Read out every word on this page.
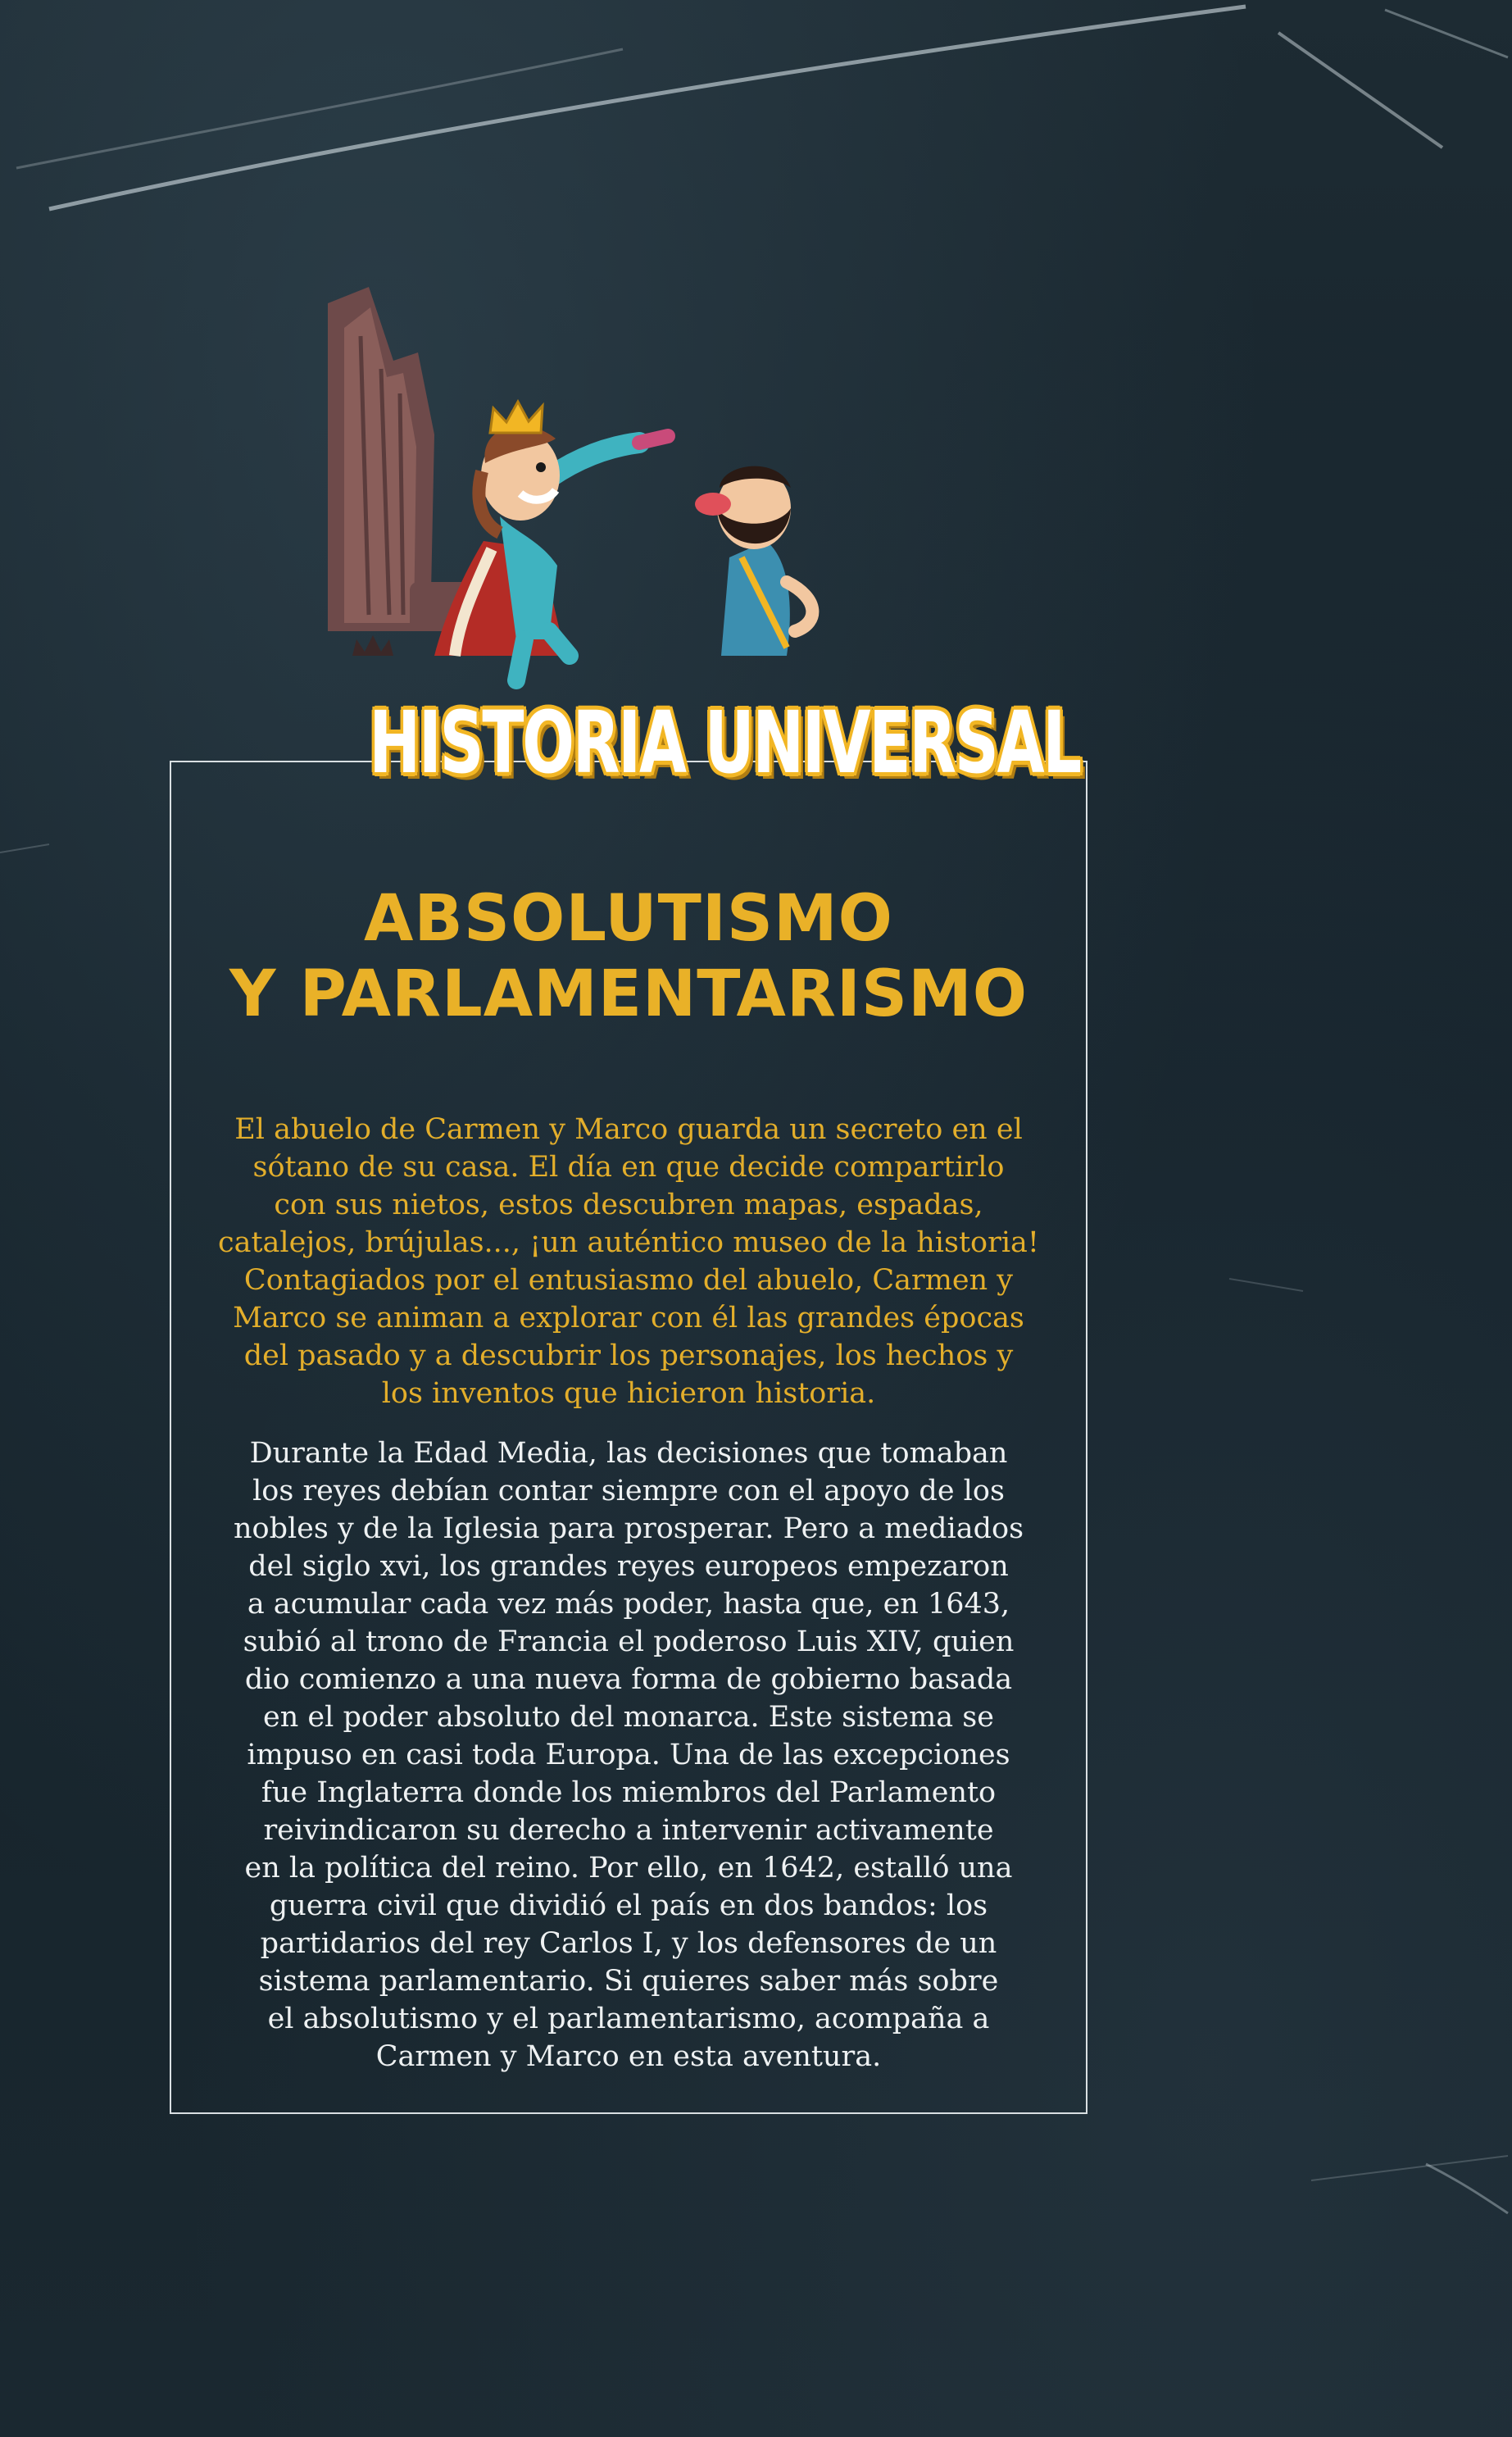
HISTORIA UNIVERSAL
ABSOLUTISMO
Y PARLAMENTARISMO
El abuelo de Carmen y Marco guarda un secreto en el
sótano de su casa. El día en que decide compartirlo
con sus nietos, estos descubren mapas, espadas,
catalejos, brújulas..., ¡un auténtico museo de la historia!
Contagiados por el entusiasmo del abuelo, Carmen y
Marco se animan a explorar con él las grandes épocas
del pasado y a descubrir los personajes, los hechos y
los inventos que hicieron historia.
Durante la Edad Media, las decisiones que tomaban
los reyes debían contar siempre con el apoyo de los
nobles y de la Iglesia para prosperar. Pero a mediados
del siglo xvi, los grandes reyes europeos empezaron
a acumular cada vez más poder, hasta que, en 1643,
subió al trono de Francia el poderoso Luis XIV, quien
dio comienzo a una nueva forma de gobierno basada
en el poder absoluto del monarca. Este sistema se
impuso en casi toda Europa. Una de las excepciones
fue Inglaterra donde los miembros del Parlamento
reivindicaron su derecho a intervenir activamente
en la política del reino. Por ello, en 1642, estalló una
guerra civil que dividió el país en dos bandos: los
partidarios del rey Carlos I, y los defensores de un
sistema parlamentario. Si quieres saber más sobre
el absolutismo y el parlamentarismo, acompaña a
Carmen y Marco en esta aventura.
